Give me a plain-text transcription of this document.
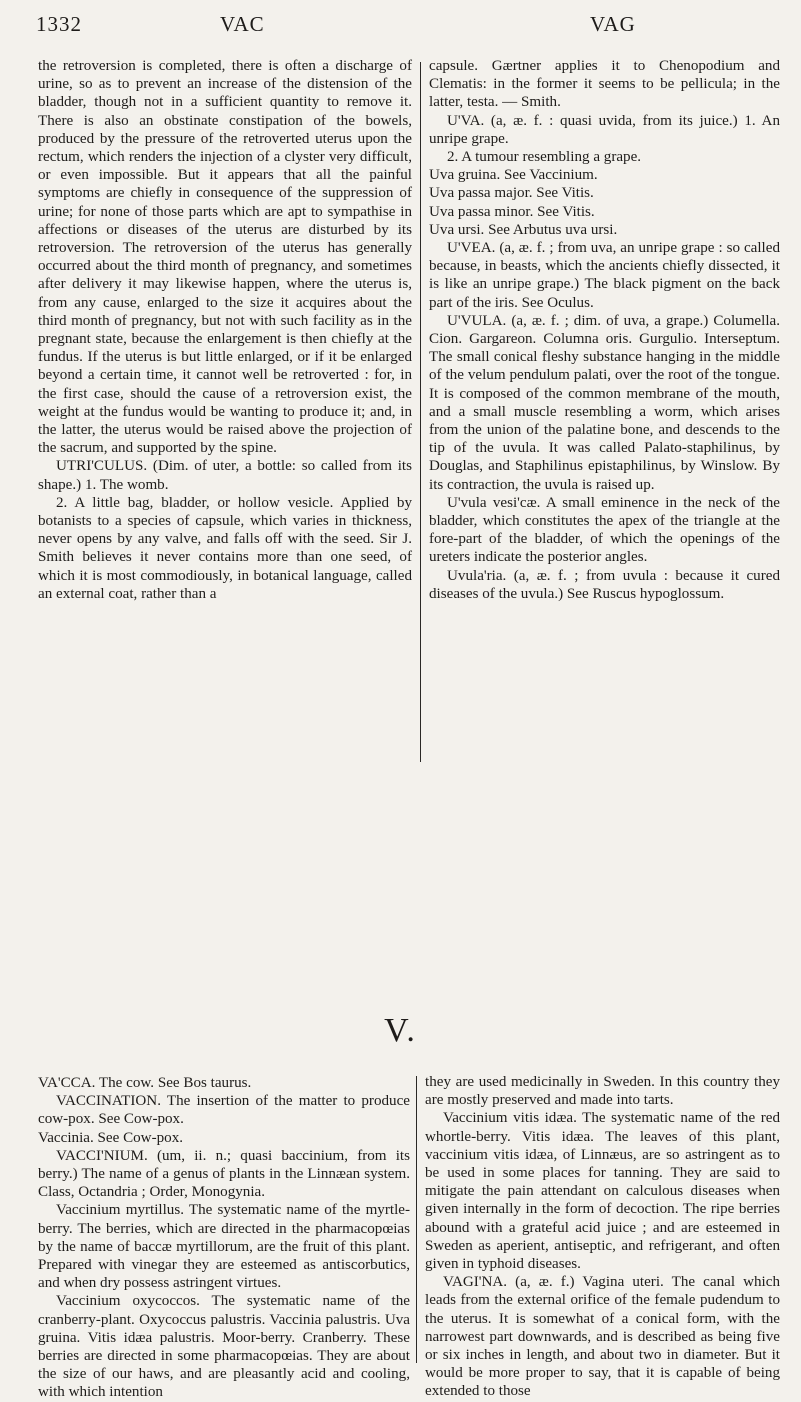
1332	VAC	VAG

the retroversion is completed, there is often a discharge of urine, so as to prevent an increase of the distension of the bladder, though not in a sufficient quantity to remove it. There is also an obstinate constipation of the bowels, produced by the pressure of the retroverted uterus upon the rectum, which renders the injection of a clyster very difficult, or even impossible. But it appears that all the painful symptoms are chiefly in consequence of the suppression of urine; for none of those parts which are apt to sympathise in affections or diseases of the uterus are disturbed by its retroversion. The retroversion of the uterus has generally occurred about the third month of pregnancy, and sometimes after delivery it may likewise happen, where the uterus is, from any cause, enlarged to the size it acquires about the third month of pregnancy, but not with such facility as in the pregnant state, because the enlargement is then chiefly at the fundus. If the uterus is but little enlarged, or if it be enlarged beyond a certain time, it cannot well be retroverted : for, in the first case, should the cause of a retroversion exist, the weight at the fundus would be wanting to produce it; and, in the latter, the uterus would be raised above the projection of the sacrum, and supported by the spine.

UTRI'CULUS. (Dim. of uter, a bottle: so called from its shape.) 1. The womb.

2. A little bag, bladder, or hollow vesicle. Applied by botanists to a species of capsule, which varies in thickness, never opens by any valve, and falls off with the seed. Sir J. Smith believes it never contains more than one seed, of which it is most commodiously, in botanical language, called an external coat, rather than a

capsule. Gærtner applies it to Chenopodium and Clematis: in the former it seems to be pellicula; in the latter, testa. — Smith.

U'VA. (a, æ. f. : quasi uvida, from its juice.) 1. An unripe grape.

2. A tumour resembling a grape.

Uva gruina. See Vaccinium.

Uva passa major. See Vitis.

Uva passa minor. See Vitis.

Uva ursi. See Arbutus uva ursi.

U'VEA. (a, æ. f. ; from uva, an unripe grape : so called because, in beasts, which the ancients chiefly dissected, it is like an unripe grape.) The black pigment on the back part of the iris. See Oculus.

U'VULA. (a, æ. f. ; dim. of uva, a grape.) Columella. Cion. Gargareon. Columna oris. Gurgulio. Interseptum. The small conical fleshy substance hanging in the middle of the velum pendulum palati, over the root of the tongue. It is composed of the common membrane of the mouth, and a small muscle resembling a worm, which arises from the union of the palatine bone, and descends to the tip of the uvula. It was called Palato-staphilinus, by Douglas, and Staphilinus epistaphilinus, by Winslow. By its contraction, the uvula is raised up.

U'vula vesi'cæ. A small eminence in the neck of the bladder, which constitutes the apex of the triangle at the fore-part of the bladder, of which the openings of the ureters indicate the posterior angles.

Uvula'ria. (a, æ. f. ; from uvula : because it cured diseases of the uvula.) See Ruscus hypoglossum.

V.

VA'CCA. The cow. See Bos taurus.

VACCINATION. The insertion of the matter to produce cow-pox. See Cow-pox.

Vaccinia. See Cow-pox.

VACCI'NIUM. (um, ii. n.; quasi baccinium, from its berry.) The name of a genus of plants in the Linnæan system. Class, Octandria ; Order, Monogynia.

Vaccinium myrtillus. The systematic name of the myrtle-berry. The berries, which are directed in the pharmacopœias by the name of baccæ myrtillorum, are the fruit of this plant. Prepared with vinegar they are esteemed as antiscorbutics, and when dry possess astringent virtues.

Vaccinium oxycoccos. The systematic name of the cranberry-plant. Oxycoccus palustris. Vaccinia palustris. Uva gruina. Vitis idæa palustris. Moor-berry. Cranberry. These berries are directed in some pharmacopœias. They are about the size of our haws, and are pleasantly acid and cooling, with which intention

they are used medicinally in Sweden. In this country they are mostly preserved and made into tarts.

Vaccinium vitis idæa. The systematic name of the red whortle-berry. Vitis idæa. The leaves of this plant, vaccinium vitis idæa, of Linnæus, are so astringent as to be used in some places for tanning. They are said to mitigate the pain attendant on calculous diseases when given internally in the form of decoction. The ripe berries abound with a grateful acid juice ; and are esteemed in Sweden as aperient, antiseptic, and refrigerant, and often given in typhoid diseases.

VAGI'NA. (a, æ. f.) Vagina uteri. The canal which leads from the external orifice of the female pudendum to the uterus. It is somewhat of a conical form, with the narrowest part downwards, and is described as being five or six inches in length, and about two in diameter. But it would be more proper to say, that it is capable of being extended to those
